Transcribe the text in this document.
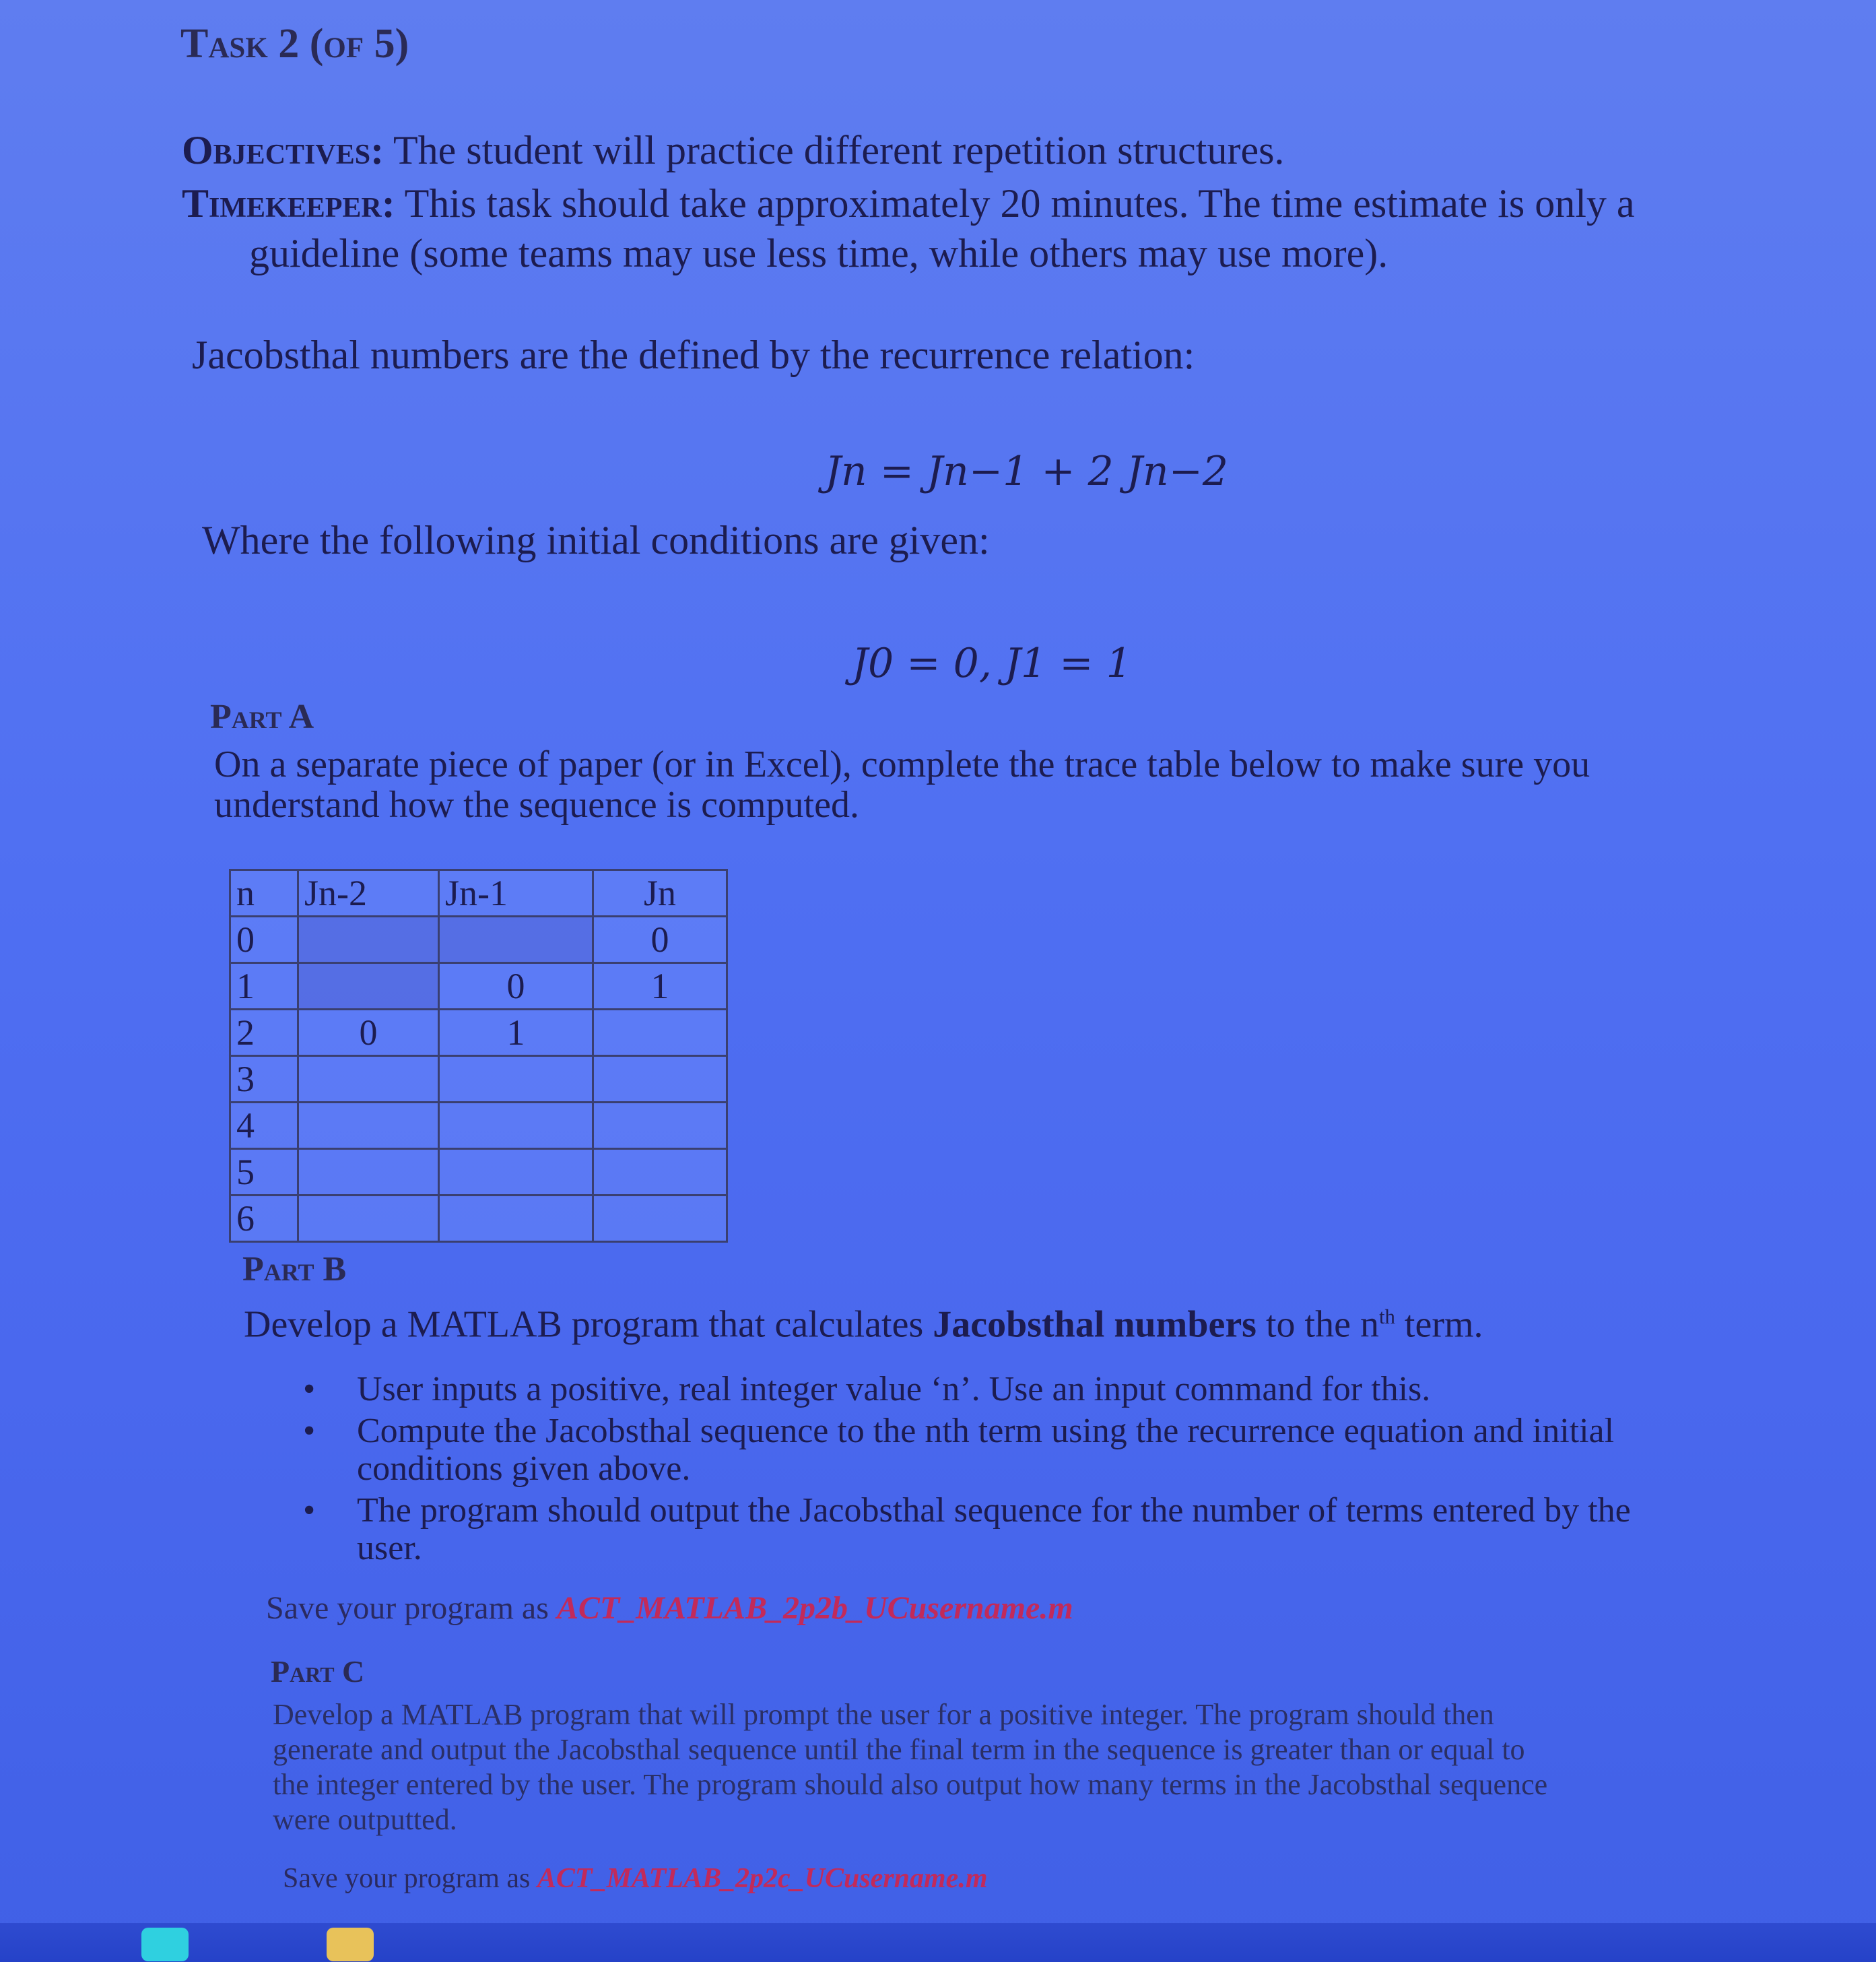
Task 2 (of 5)
Objectives: The student will practice different repetition structures.
Timekeeper: This task should take approximately 20 minutes. The time estimate is only a
guideline (some teams may use less time, while others may use more).
Jacobsthal numbers are the defined by the recurrence relation:
Jn = Jn−1 + 2 Jn−2
Where the following initial conditions are given:
J0 = 0, J1 = 1
Part A
On a separate piece of paper (or in Excel), complete the trace table below to make sure you
understand how the sequence is computed.
n	Jn-2	Jn-1	Jn
0			0
1		0	1
2	0	1	
3			
4			
5			
6			
Part B
Develop a MATLAB program that calculates Jacobsthal numbers to the $n^{th}$ term.
• User inputs a positive, real integer value ‘n’. Use an input command for this.
• Compute the Jacobsthal sequence to the nth term using the recurrence equation and initial conditions given above.
• The program should output the Jacobsthal sequence for the number of terms entered by the user.
Save your program as ACT_MATLAB_2p2b_UCusername.m
Part C
Develop a MATLAB program that will prompt the user for a positive integer. The program should then generate and output the Jacobsthal sequence until the final term in the sequence is greater than or equal to the integer entered by the user. The program should also output how many terms in the Jacobsthal sequence were outputted.
Save your program as ACT_MATLAB_2p2c_UCusername.m
